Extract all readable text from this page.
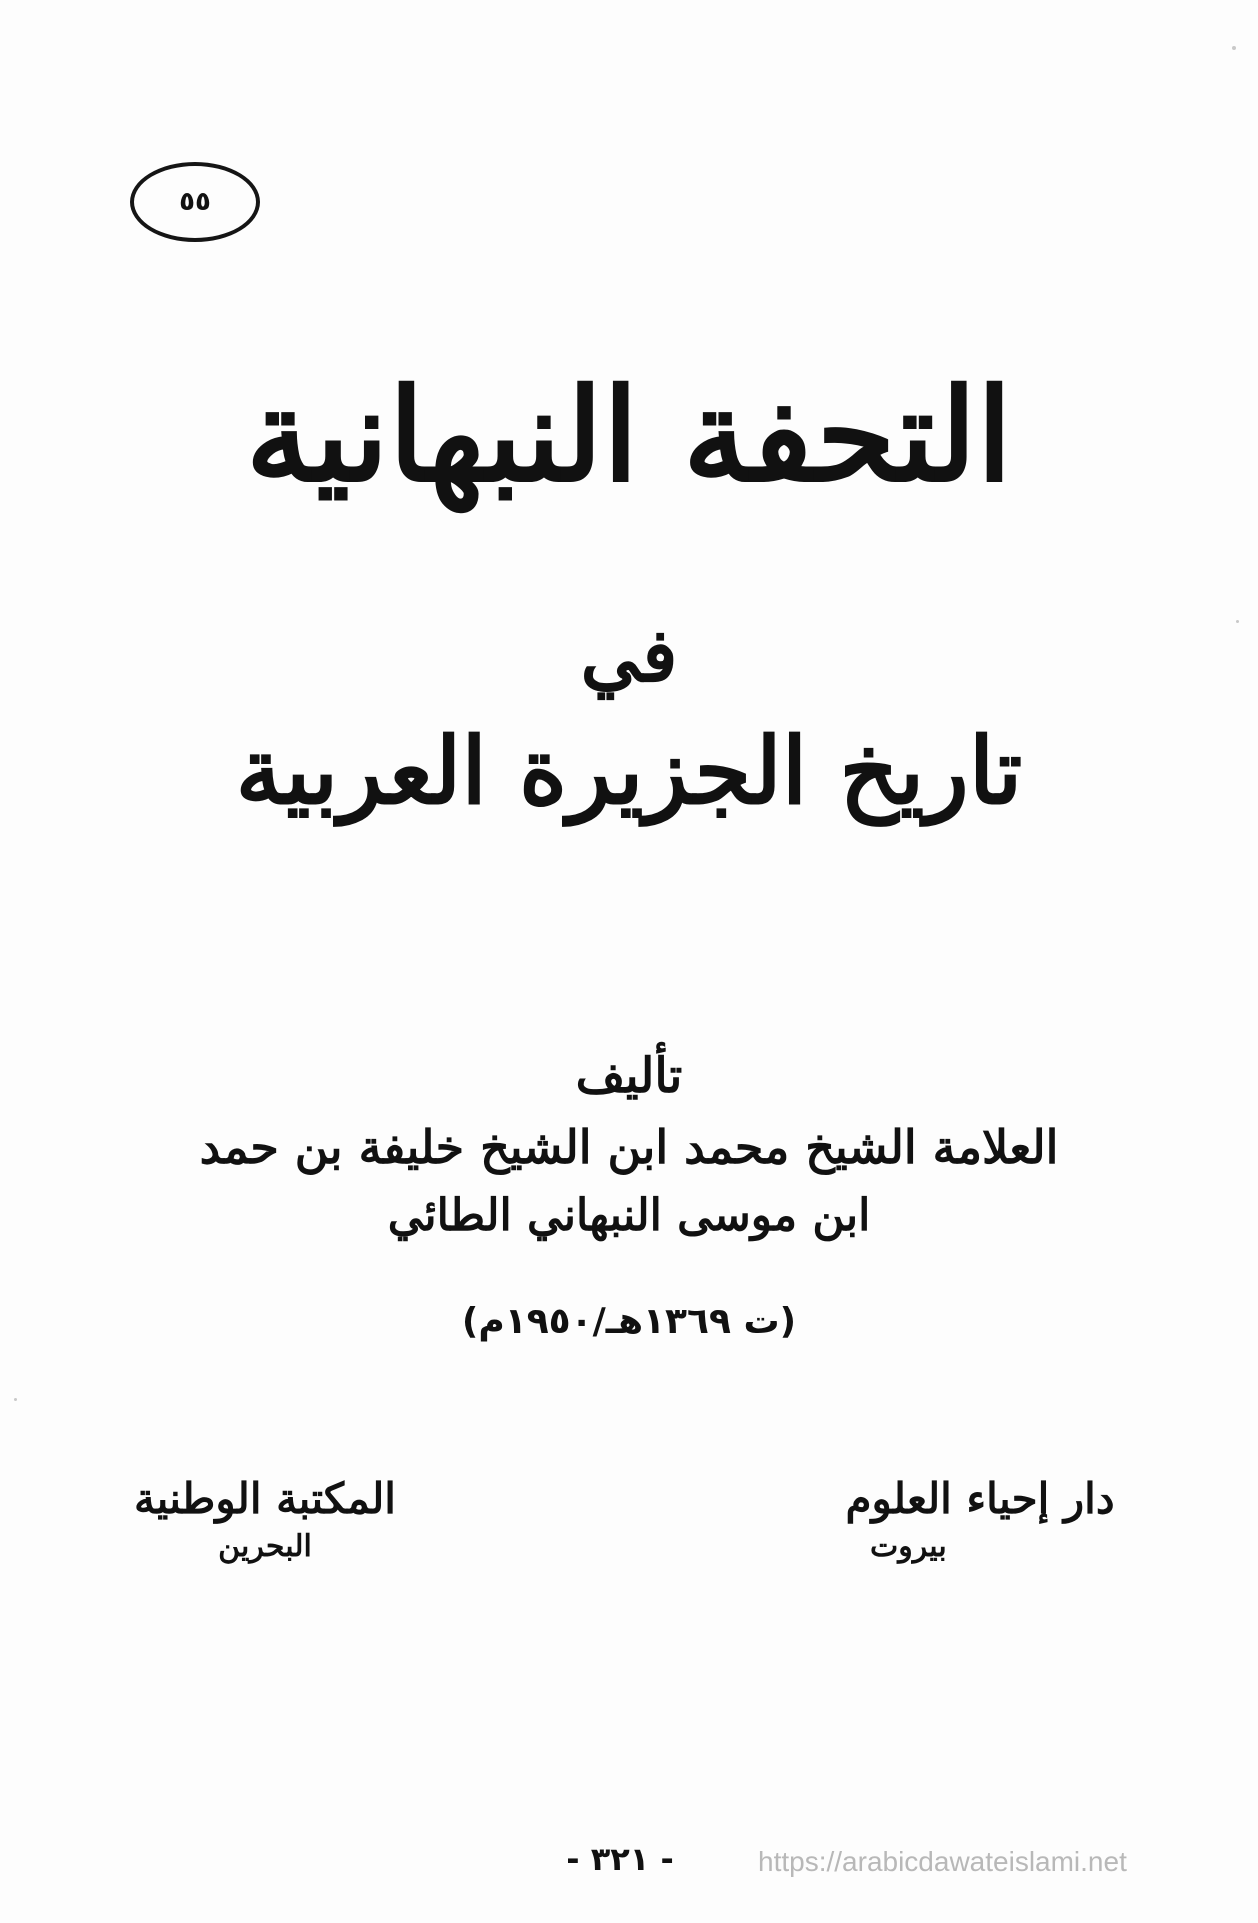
٥٥
التحفة النبهانية
في
تاريخ الجزيرة العربية
تأليف
العلامة الشيخ محمد ابن الشيخ خليفة بن حمد
ابن موسى النبهاني الطائي
(ت ١٣٦٩هـ/١٩٥٠م)
دار إحياء العلوم
بيروت
المكتبة الوطنية
البحرين
- ٣٢١ -	https://arabicdawateislami.net
